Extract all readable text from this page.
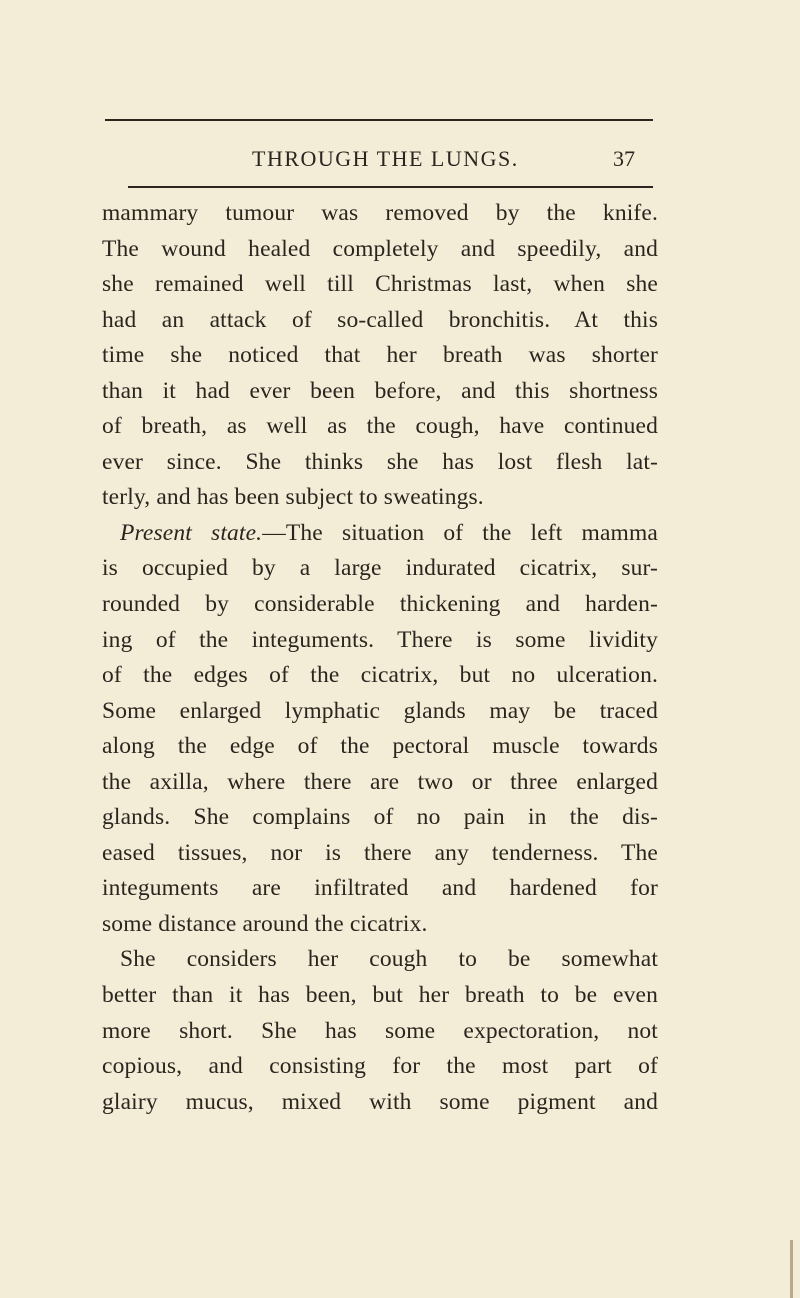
THROUGH THE LUNGS.	37
mammary tumour was removed by the knife.
The wound healed completely and speedily, and
she remained well till Christmas last, when she
had an attack of so-called bronchitis. At this
time she noticed that her breath was shorter
than it had ever been before, and this shortness
of breath, as well as the cough, have continued
ever since. She thinks she has lost flesh lat-
terly, and has been subject to sweatings.
Present state.—The situation of the left mamma
is occupied by a large indurated cicatrix, sur-
rounded by considerable thickening and harden-
ing of the integuments. There is some lividity
of the edges of the cicatrix, but no ulceration.
Some enlarged lymphatic glands may be traced
along the edge of the pectoral muscle towards
the axilla, where there are two or three enlarged
glands. She complains of no pain in the dis-
eased tissues, nor is there any tenderness. The
integuments are infiltrated and hardened for
some distance around the cicatrix.
She considers her cough to be somewhat
better than it has been, but her breath to be even
more short. She has some expectoration, not
copious, and consisting for the most part of
glairy mucus, mixed with some pigment and
